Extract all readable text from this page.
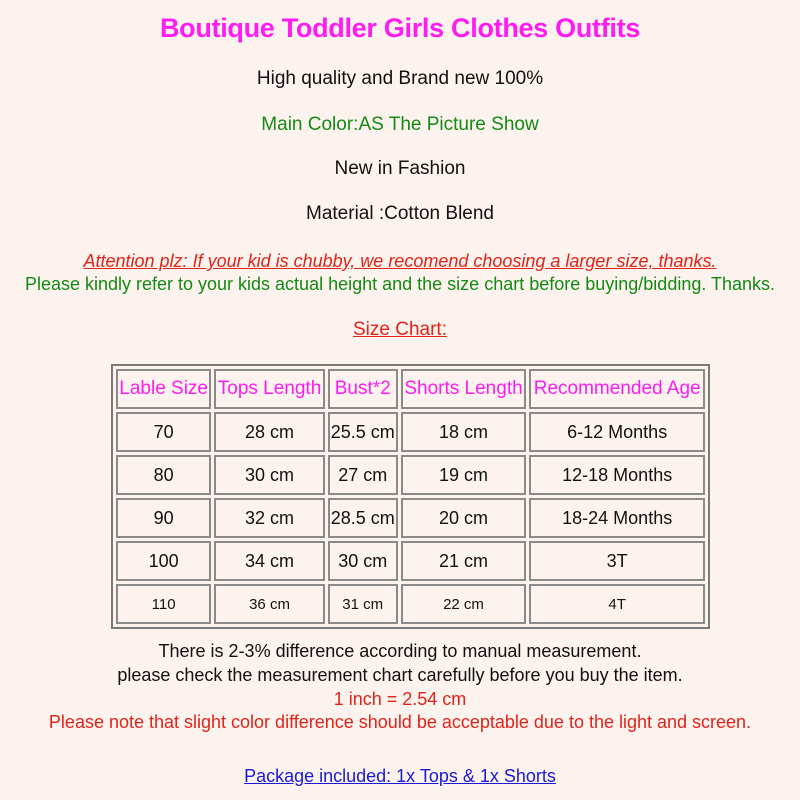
Boutique Toddler Girls Clothes Outfits
High quality and Brand new 100%
Main Color:AS The Picture Show
New in Fashion
Material :Cotton Blend
Attention plz: If your kid is chubby, we recomend choosing a larger size, thanks.
Please kindly refer to your kids actual height and the size chart before buying/bidding. Thanks.
Size Chart:
Lable Size	Tops Length	Bust*2	Shorts Length	Recommended Age
70	28 cm	25.5 cm	18 cm	6-12 Months
80	30 cm	27 cm	19 cm	12-18 Months
90	32 cm	28.5 cm	20 cm	18-24 Months
100	34 cm	30 cm	21 cm	3T
110	36 cm	31 cm	22 cm	4T
There is 2-3% difference according to manual measurement.
please check the measurement chart carefully before you buy the item.
1 inch = 2.54 cm
Please note that slight color difference should be acceptable due to the light and screen.
Package included: 1x Tops & 1x Shorts
